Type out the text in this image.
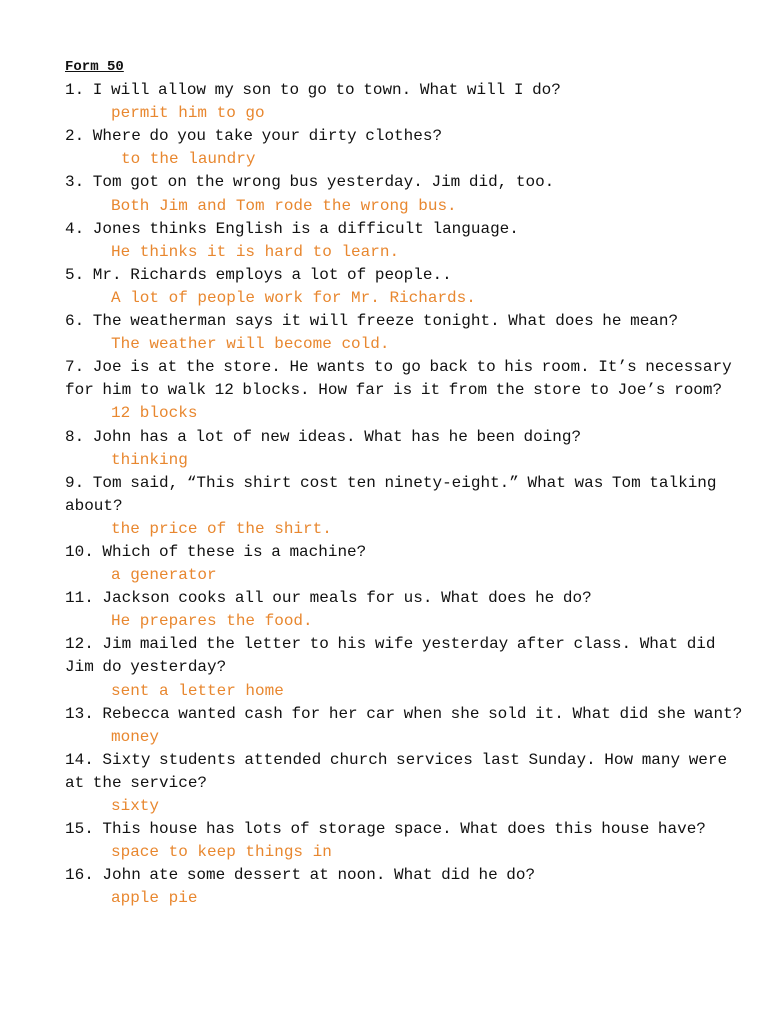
Form 50
1. I will allow my son to go to town. What will I do?
permit him to go
2. Where do you take your dirty clothes?
to the laundry
3. Tom got on the wrong bus yesterday. Jim did, too.
Both Jim and Tom rode the wrong bus.
4. Jones thinks English is a difficult language.
He thinks it is hard to learn.
5. Mr. Richards employs a lot of people..
A lot of people work for Mr. Richards.
6. The weatherman says it will freeze tonight. What does he mean?
The weather will become cold.
7. Joe is at the store. He wants to go back to his room. It’s necessary for him to walk 12 blocks. How far is it from the store to Joe’s room?
12 blocks
8. John has a lot of new ideas. What has he been doing?
thinking
9. Tom said, “This shirt cost ten ninety-eight.” What was Tom talking about?
the price of the shirt.
10. Which of these is a machine?
a generator
11. Jackson cooks all our meals for us. What does he do?
He prepares the food.
12. Jim mailed the letter to his wife yesterday after class. What did Jim do yesterday?
sent a letter home
13. Rebecca wanted cash for her car when she sold it. What did she want?
money
14. Sixty students attended church services last Sunday. How many were at the service?
sixty
15. This house has lots of storage space. What does this house have?
space to keep things in
16. John ate some dessert at noon. What did he do?
apple pie
